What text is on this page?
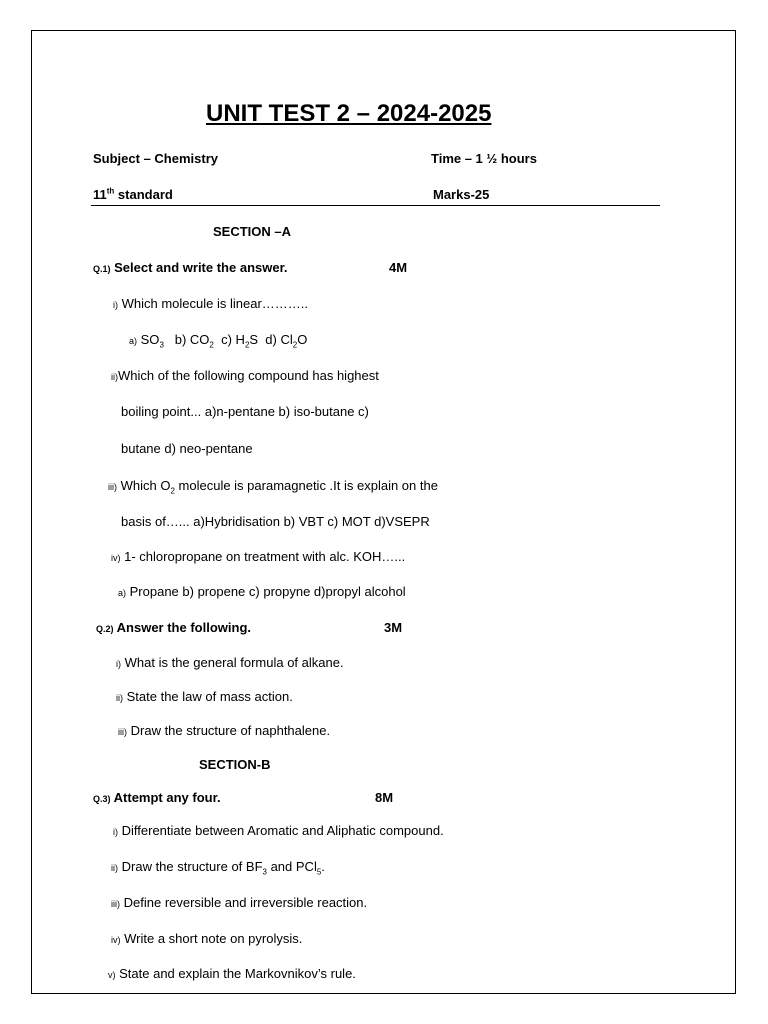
UNIT TEST 2 – 2024-2025
Subject – Chemistry	Time – 1 ½ hours
11th standard	Marks-25
SECTION –A
Q.1) Select and write the answer.	4M
i) Which molecule is linear………..
a) $SO_3$ b) $CO_2$ c) $H_2S$ d) $Cl_2O$
ii)Which of the following compound has highest
boiling point... a)n-pentane b) iso-butane c)
butane d) neo-pentane
iii) Which $O_2$ molecule is paramagnetic .It is explain on the
basis of…... a)Hybridisation b) VBT c) MOT d)VSEPR
iv) 1- chloropropane on treatment with alc. KOH…...
a) Propane b) propene c) propyne d)propyl alcohol
Q.2) Answer the following.	3M
i) What is the general formula of alkane.
ii) State the law of mass action.
iii) Draw the structure of naphthalene.
SECTION-B
Q.3) Attempt any four.	8M
i) Differentiate between Aromatic and Aliphatic compound.
ii) Draw the structure of $BF_3$ and PCl$_5$.
iii) Define reversible and irreversible reaction.
iv) Write a short note on pyrolysis.
v) State and explain the Markovnikov’s rule.
